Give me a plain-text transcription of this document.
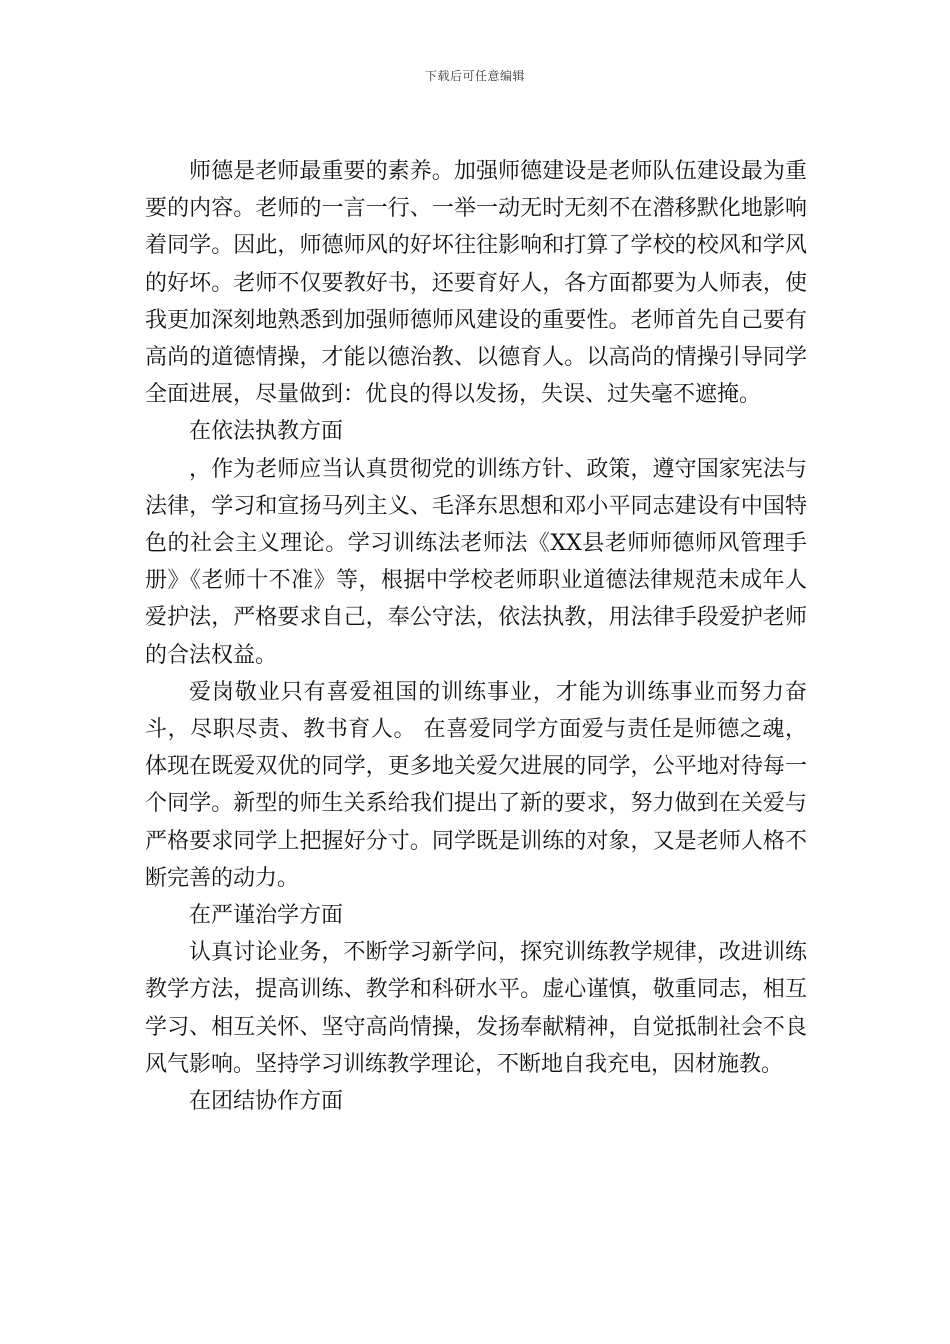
下载后可任意编辑

师德是老师最重要的素养。加强师德建设是老师队伍建设最为重要的内容。老师的一言一行、一举一动无时无刻不在潜移默化地影响着同学。因此，师德师风的好坏往往影响和打算了学校的校风和学风的好坏。老师不仅要教好书，还要育好人，各方面都要为人师表，使我更加深刻地熟悉到加强师德师风建设的重要性。老师首先自己要有高尚的道德情操，才能以德治教、以德育人。以高尚的情操引导同学全面进展，尽量做到：优良的得以发扬，失误、过失毫不遮掩。

在依法执教方面

，作为老师应当认真贯彻党的训练方针、政策，遵守国家宪法与法律，学习和宣扬马列主义、毛泽东思想和邓小平同志建设有中国特色的社会主义理论。学习训练法老师法《XX县老师师德师风管理手册》《老师十不准》等，根据中学校老师职业道德法律规范未成年人爱护法，严格要求自己，奉公守法，依法执教，用法律手段爱护老师的合法权益。

爱岗敬业只有喜爱祖国的训练事业，才能为训练事业而努力奋斗，尽职尽责、教书育人。 在喜爱同学方面爱与责任是师德之魂，体现在既爱双优的同学，更多地关爱欠进展的同学，公平地对待每一个同学。新型的师生关系给我们提出了新的要求，努力做到在关爱与严格要求同学上把握好分寸。同学既是训练的对象，又是老师人格不断完善的动力。

在严谨治学方面

认真讨论业务，不断学习新学问，探究训练教学规律，改进训练教学方法，提高训练、教学和科研水平。虚心谨慎，敬重同志，相互学习、相互关怀、坚守高尚情操，发扬奉献精神，自觉抵制社会不良风气影响。坚持学习训练教学理论，不断地自我充电，因材施教。

在团结协作方面
